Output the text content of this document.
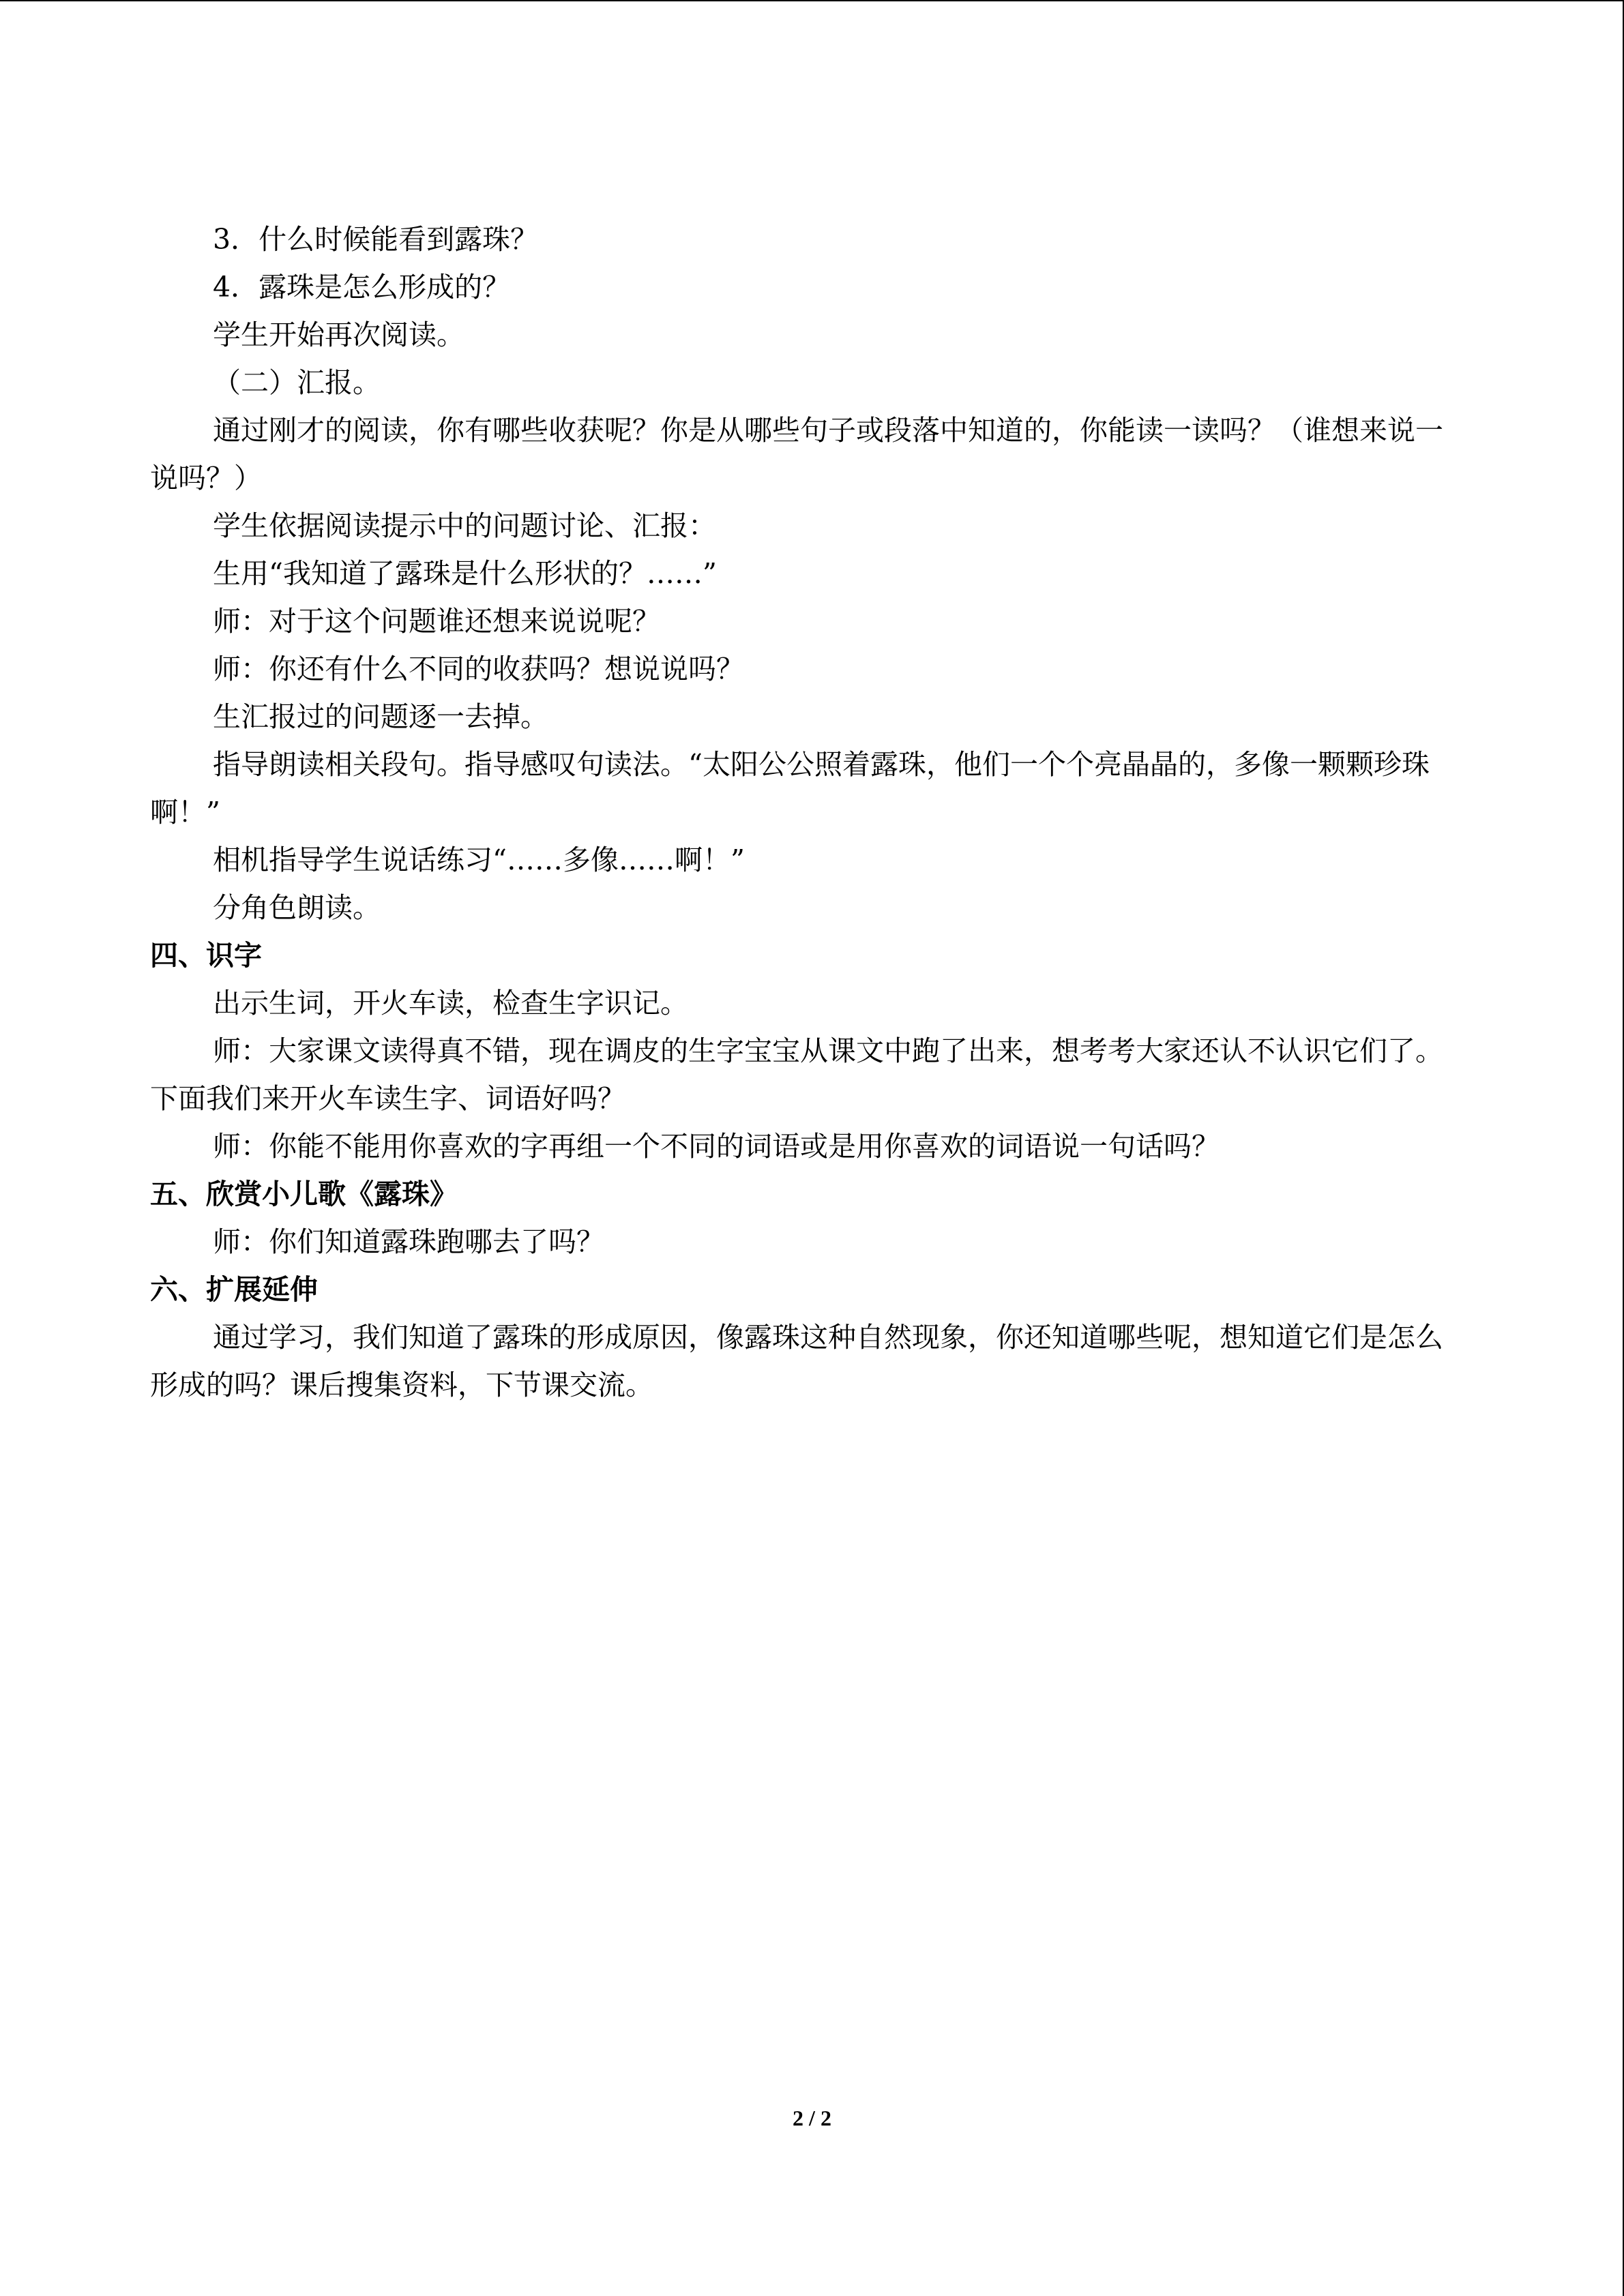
3．什么时候能看到露珠？

4．露珠是怎么形成的？

学生开始再次阅读。

（二）汇报。

通过刚才的阅读，你有哪些收获呢？你是从哪些句子或段落中知道的，你能读一读吗？（谁想来说一说吗？）

学生依据阅读提示中的问题讨论、汇报：

生用“我知道了露珠是什么形状的？……”

师：对于这个问题谁还想来说说呢？

师：你还有什么不同的收获吗？想说说吗？

生汇报过的问题逐一去掉。

指导朗读相关段句。指导感叹句读法。“太阳公公照着露珠，他们一个个亮晶晶的，多像一颗颗珍珠啊！”

相机指导学生说话练习“……多像……啊！”

分角色朗读。

四、识字

出示生词，开火车读，检查生字识记。

师：大家课文读得真不错，现在调皮的生字宝宝从课文中跑了出来，想考考大家还认不认识它们了。下面我们来开火车读生字、词语好吗？

师：你能不能用你喜欢的字再组一个不同的词语或是用你喜欢的词语说一句话吗？

五、欣赏小儿歌《露珠》

师：你们知道露珠跑哪去了吗？

六、扩展延伸

通过学习，我们知道了露珠的形成原因，像露珠这种自然现象，你还知道哪些呢，想知道它们是怎么形成的吗？课后搜集资料，下节课交流。

2 / 2
